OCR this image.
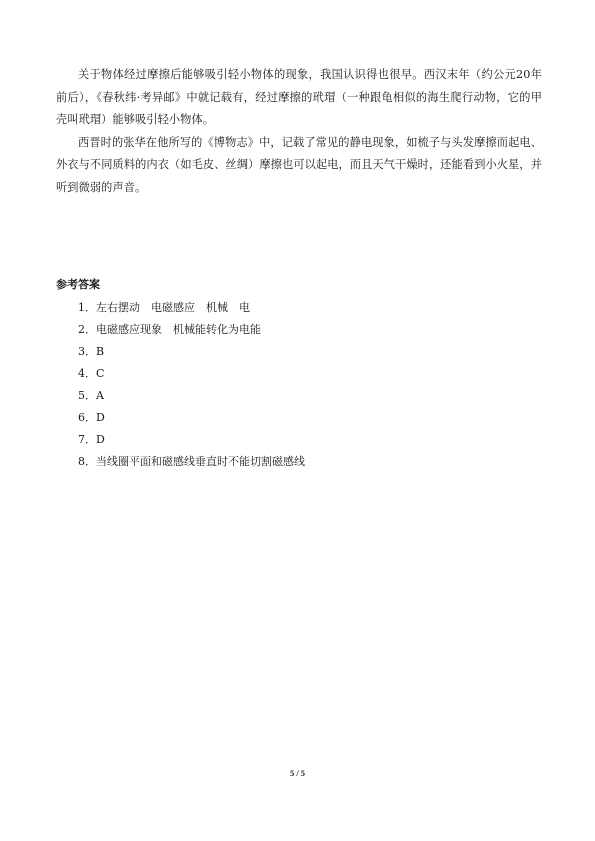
关于物体经过摩擦后能够吸引轻小物体的现象，我国认识得也很早。西汉末年（约公元20年前后），《春秋纬·考异邮》中就记载有，经过摩擦的玳瑁（一种跟龟相似的海生爬行动物，它的甲壳叫玳瑁）能够吸引轻小物体。

西晋时的张华在他所写的《博物志》中，记载了常见的静电现象，如梳子与头发摩擦而起电、外衣与不同质料的内衣（如毛皮、丝绸）摩擦也可以起电，而且天气干燥时，还能看到小火星，并听到微弱的声音。

参考答案
1．左右摆动　电磁感应　机械　电
2．电磁感应现象　机械能转化为电能
3．B
4．C
5．A
6．D
7．D
8．当线圈平面和磁感线垂直时不能切割磁感线
5 / 5
